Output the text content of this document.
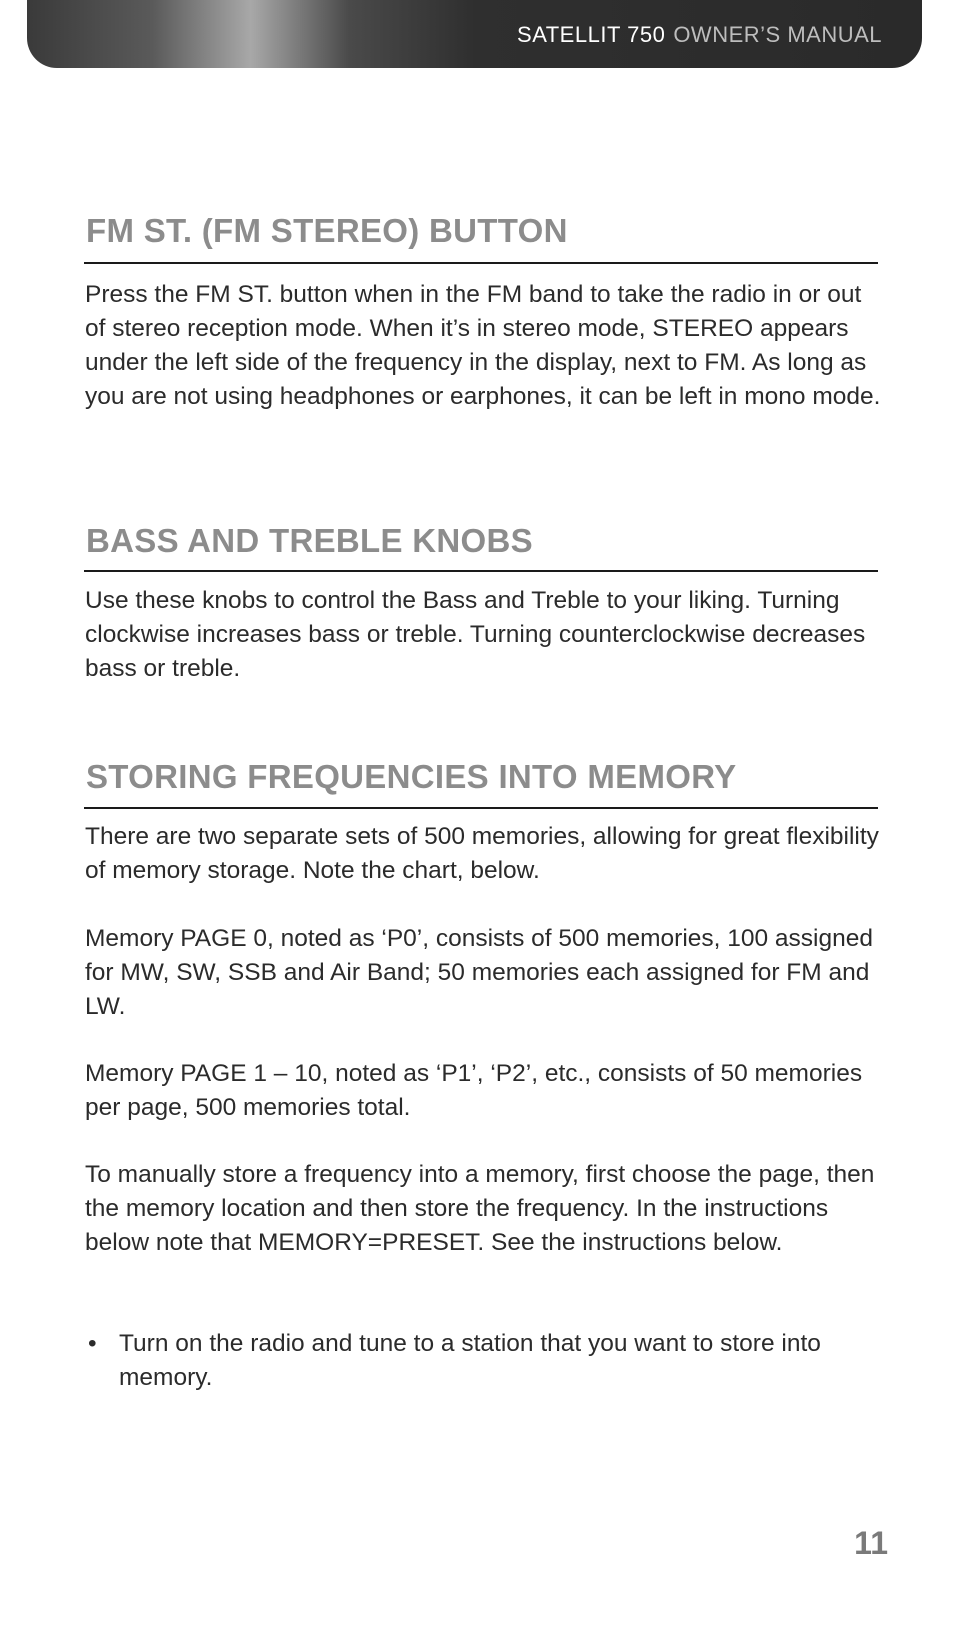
SATELLIT 750 OWNER’S MANUAL
FM ST. (FM STEREO) BUTTON

Press the FM ST. button when in the FM band to take the radio in or out of stereo reception mode. When it’s in stereo mode, STEREO appears under the left side of the frequency in the display, next to FM. As long as you are not using headphones or earphones, it can be left in mono mode.

BASS AND TREBLE KNOBS

Use these knobs to control the Bass and Treble to your liking. Turning clockwise increases bass or treble. Turning counterclockwise decreases bass or treble.

STORING FREQUENCIES INTO MEMORY

There are two separate sets of 500 memories, allowing for great flexibility of memory storage. Note the chart, below.

Memory PAGE 0, noted as ‘P0’, consists of 500 memories, 100 assigned for MW, SW, SSB and Air Band; 50 memories each assigned for FM and LW.

Memory PAGE 1 – 10, noted as ‘P1’, ‘P2’, etc., consists of 50 memories per page, 500 memories total.

To manually store a frequency into a memory, first choose the page, then the memory location and then store the frequency. In the instructions below note that MEMORY=PRESET. See the instructions below.

• Turn on the radio and tune to a station that you want to store into memory.
11
